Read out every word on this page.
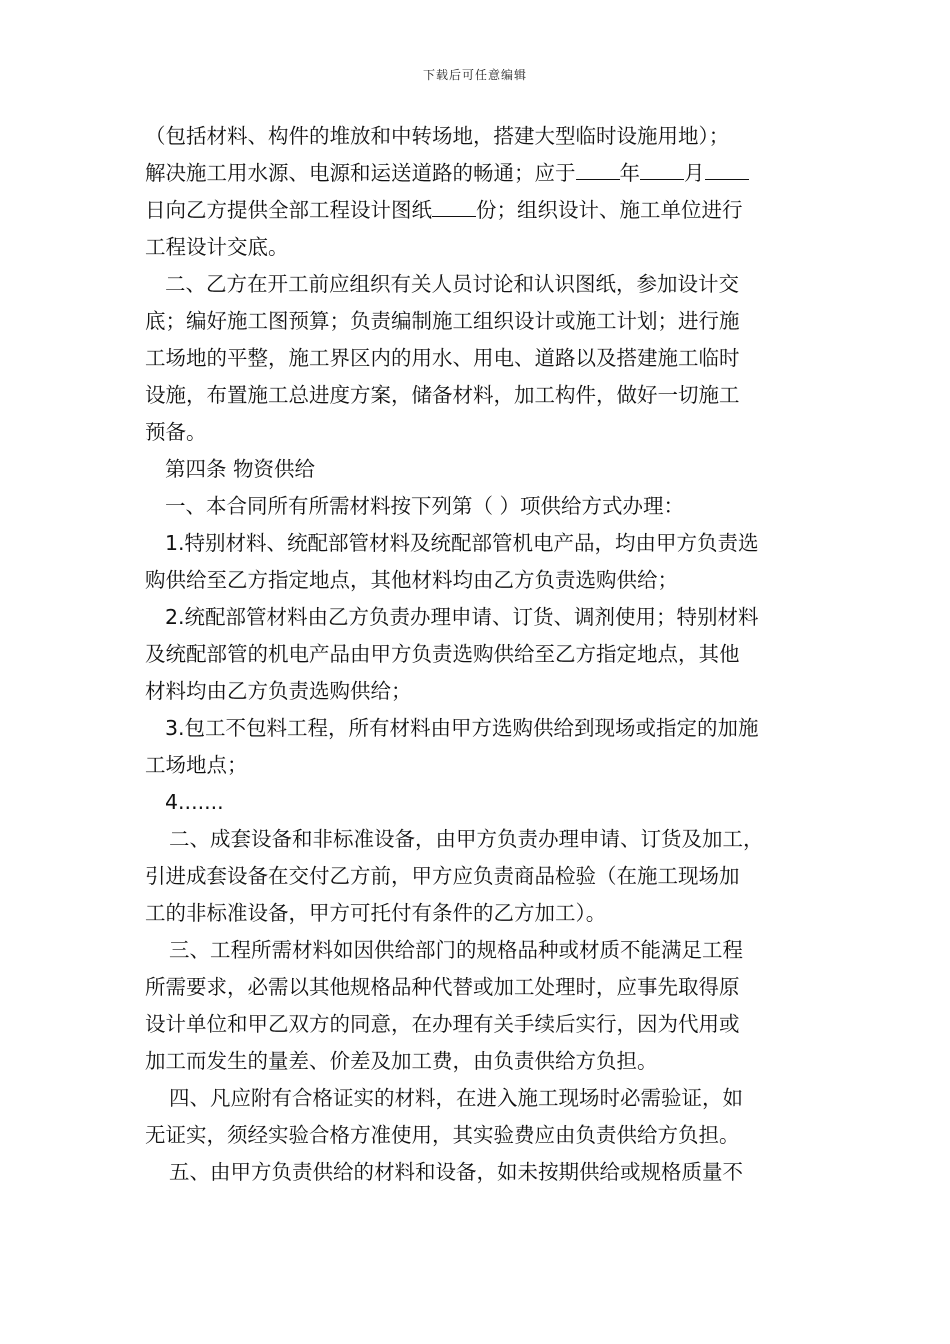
下载后可任意编辑
（包括材料、构件的堆放和中转场地，搭建大型临时设施用地）；
解决施工用水源、电源和运送道路的畅通；应于 年 月
日向乙方提供全部工程设计图纸 份；组织设计、施工单位进行
工程设计交底。
二、乙方在开工前应组织有关人员讨论和认识图纸，参加设计交
底；编好施工图预算；负责编制施工组织设计或施工计划；进行施
工场地的平整，施工界区内的用水、用电、道路以及搭建施工临时
设施，布置施工总进度方案，储备材料，加工构件，做好一切施工
预备。
第四条 物资供给
一、本合同所有所需材料按下列第（ ）项供给方式办理：
1.特别材料、统配部管材料及统配部管机电产品，均由甲方负责选
购供给至乙方指定地点，其他材料均由乙方负责选购供给；
2.统配部管材料由乙方负责办理申请、订货、调剂使用；特别材料
及统配部管的机电产品由甲方负责选购供给至乙方指定地点，其他
材料均由乙方负责选购供给；
3.包工不包料工程，所有材料由甲方选购供给到现场或指定的加施
工场地点；
4.......
二、成套设备和非标准设备，由甲方负责办理申请、订货及加工，
引进成套设备在交付乙方前，甲方应负责商品检验（在施工现场加
工的非标准设备，甲方可托付有条件的乙方加工）。
三、工程所需材料如因供给部门的规格品种或材质不能满足工程
所需要求，必需以其他规格品种代替或加工处理时，应事先取得原
设计单位和甲乙双方的同意，在办理有关手续后实行，因为代用或
加工而发生的量差、价差及加工费，由负责供给方负担。
四、凡应附有合格证实的材料，在进入施工现场时必需验证，如
无证实，须经实验合格方准使用，其实验费应由负责供给方负担。
五、由甲方负责供给的材料和设备，如未按期供给或规格质量不
